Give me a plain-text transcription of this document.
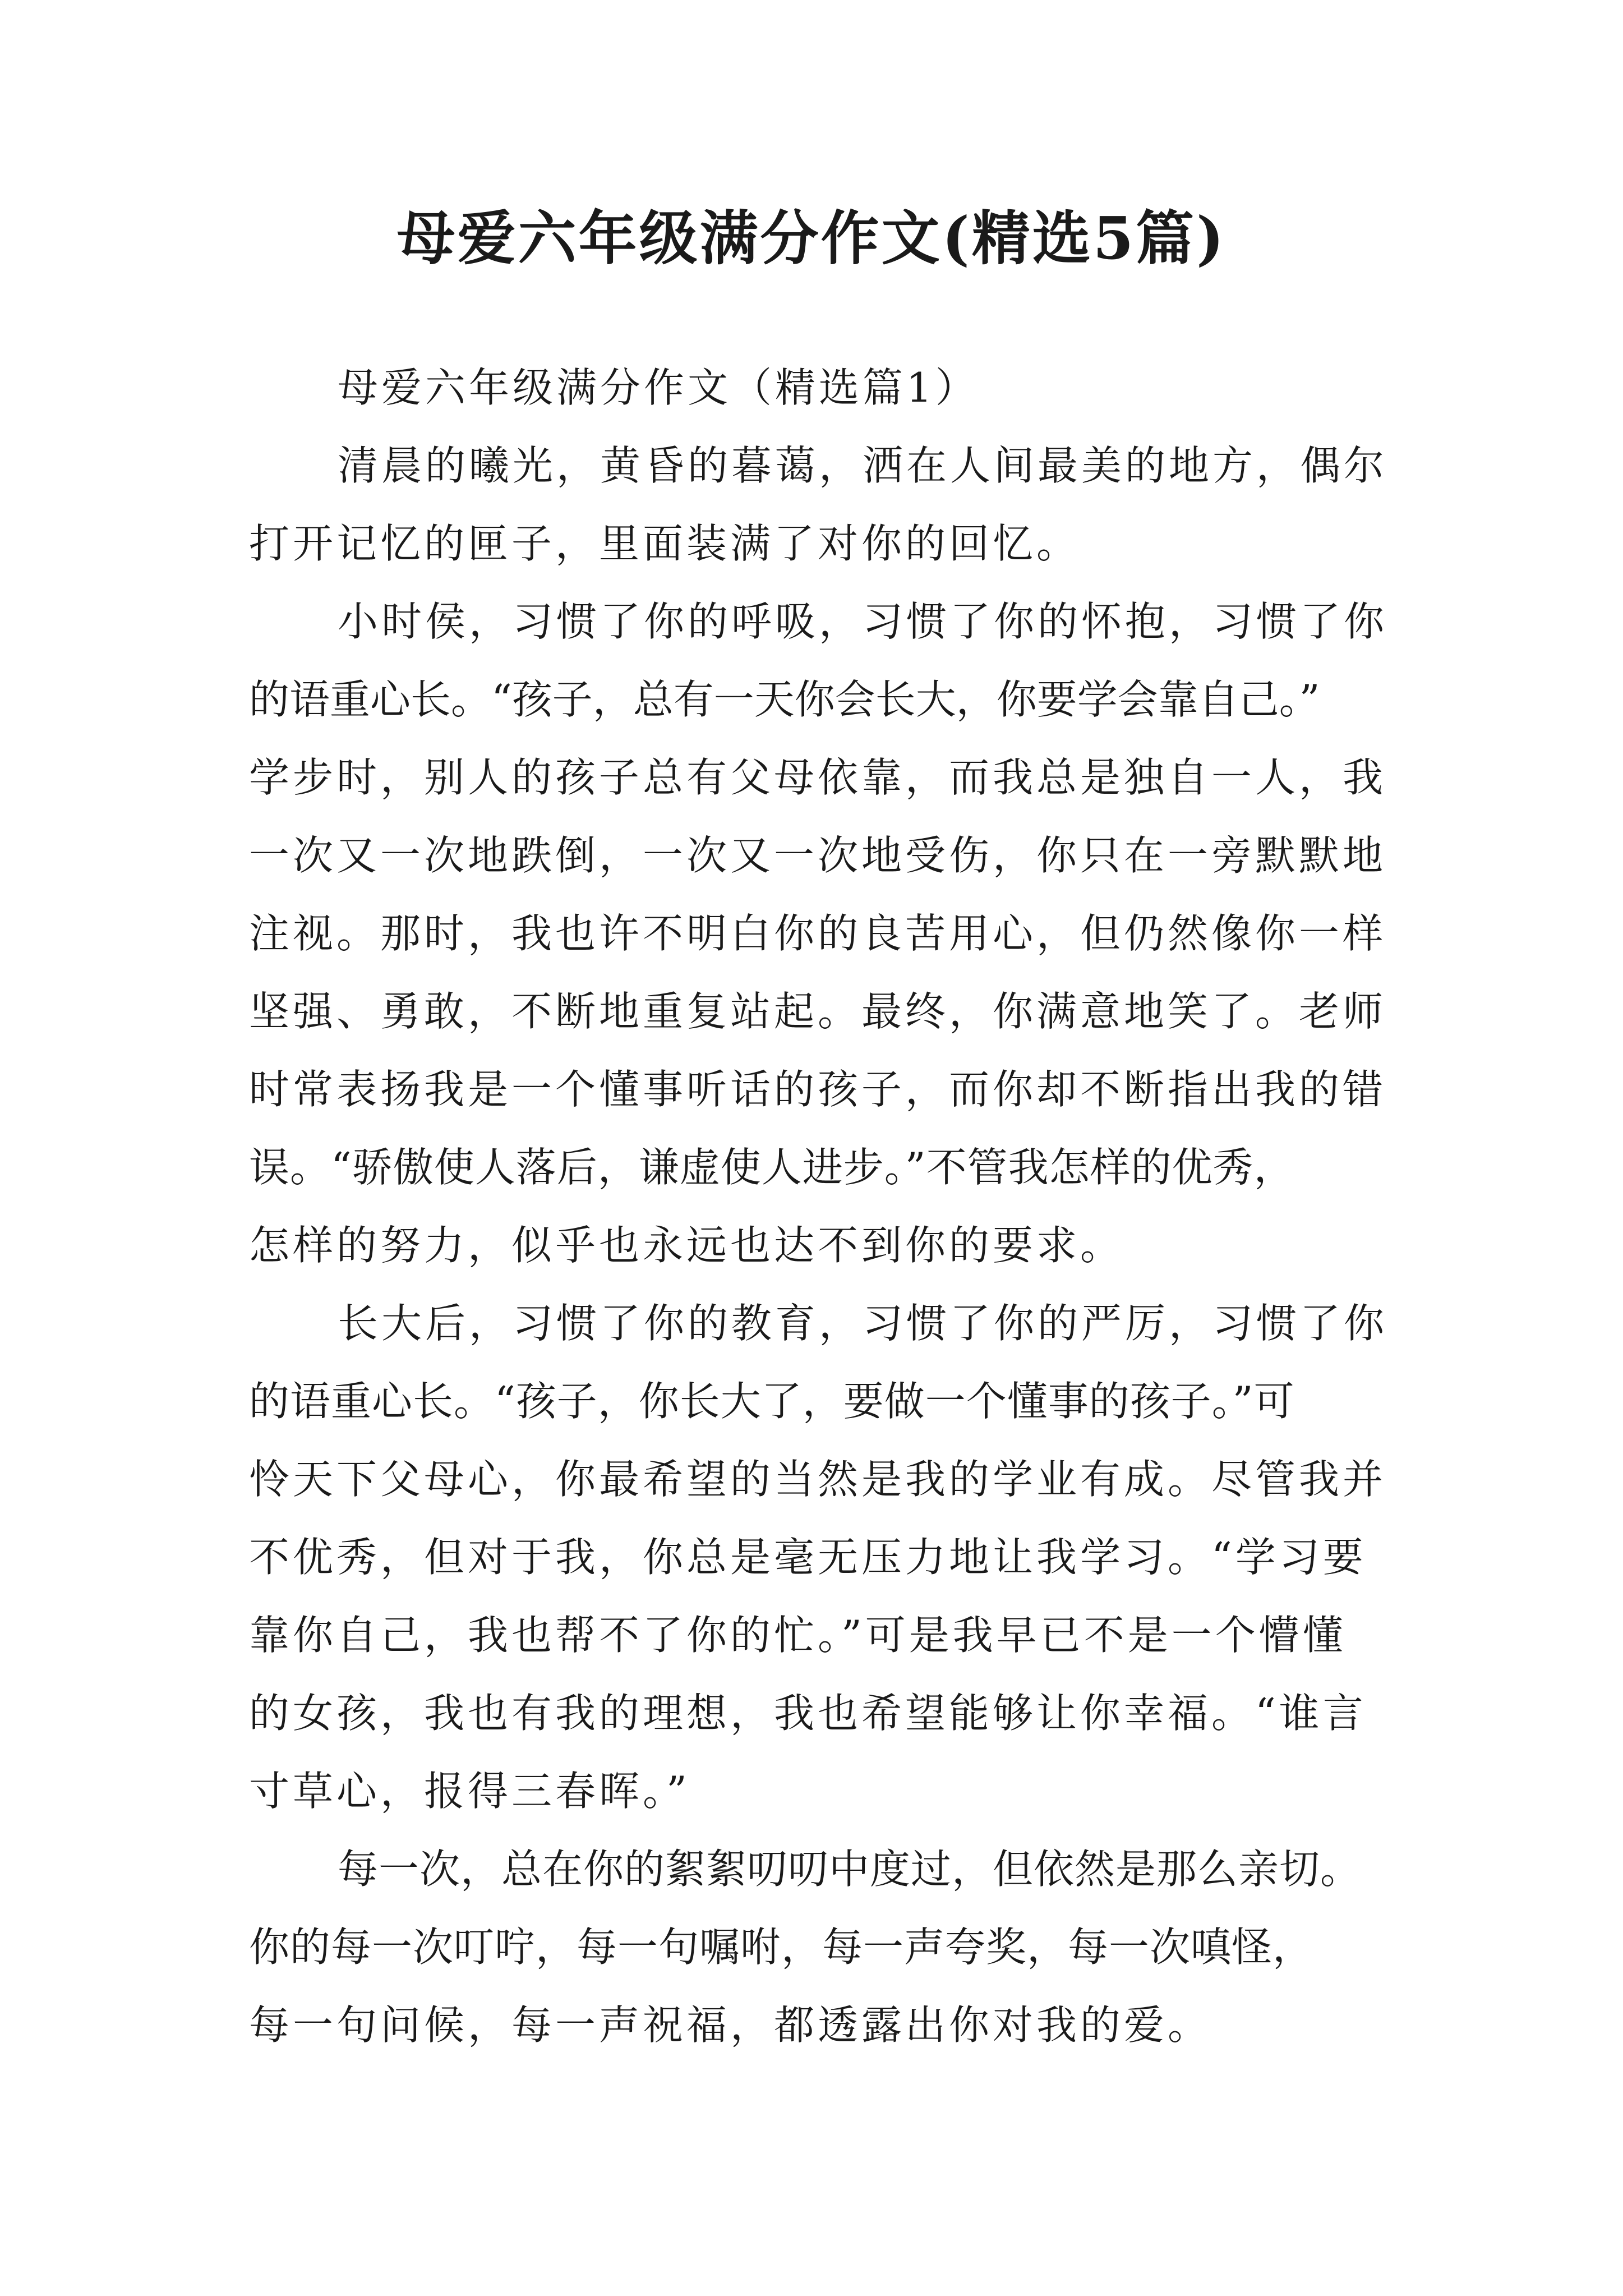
母爱六年级满分作文(精选5篇)

母爱六年级满分作文（精选篇1）

清晨的曦光，黄昏的暮蔼，洒在人间最美的地方，偶尔
打开记忆的匣子，里面装满了对你的回忆。

小时侯，习惯了你的呼吸，习惯了你的怀抱，习惯了你
的语重心长。“孩子，总有一天你会长大，你要学会靠自己。”
学步时，别人的孩子总有父母依靠，而我总是独自一人，我
一次又一次地跌倒，一次又一次地受伤，你只在一旁默默地
注视。那时，我也许不明白你的良苦用心，但仍然像你一样
坚强、勇敢，不断地重复站起。最终，你满意地笑了。老师
时常表扬我是一个懂事听话的孩子，而你却不断指出我的错
误。“骄傲使人落后，谦虚使人进步。”不管我怎样的优秀，
怎样的努力，似乎也永远也达不到你的要求。

长大后，习惯了你的教育，习惯了你的严厉，习惯了你
的语重心长。“孩子，你长大了，要做一个懂事的孩子。”可
怜天下父母心，你最希望的当然是我的学业有成。尽管我并
不优秀，但对于我，你总是毫无压力地让我学习。“学习要
靠你自己，我也帮不了你的忙。”可是我早已不是一个懵懂
的女孩，我也有我的理想，我也希望能够让你幸福。“谁言
寸草心，报得三春晖。”

每一次，总在你的絮絮叨叨中度过，但依然是那么亲切。
你的每一次叮咛，每一句嘱咐，每一声夸奖，每一次嗔怪，
每一句问候，每一声祝福，都透露出你对我的爱。
